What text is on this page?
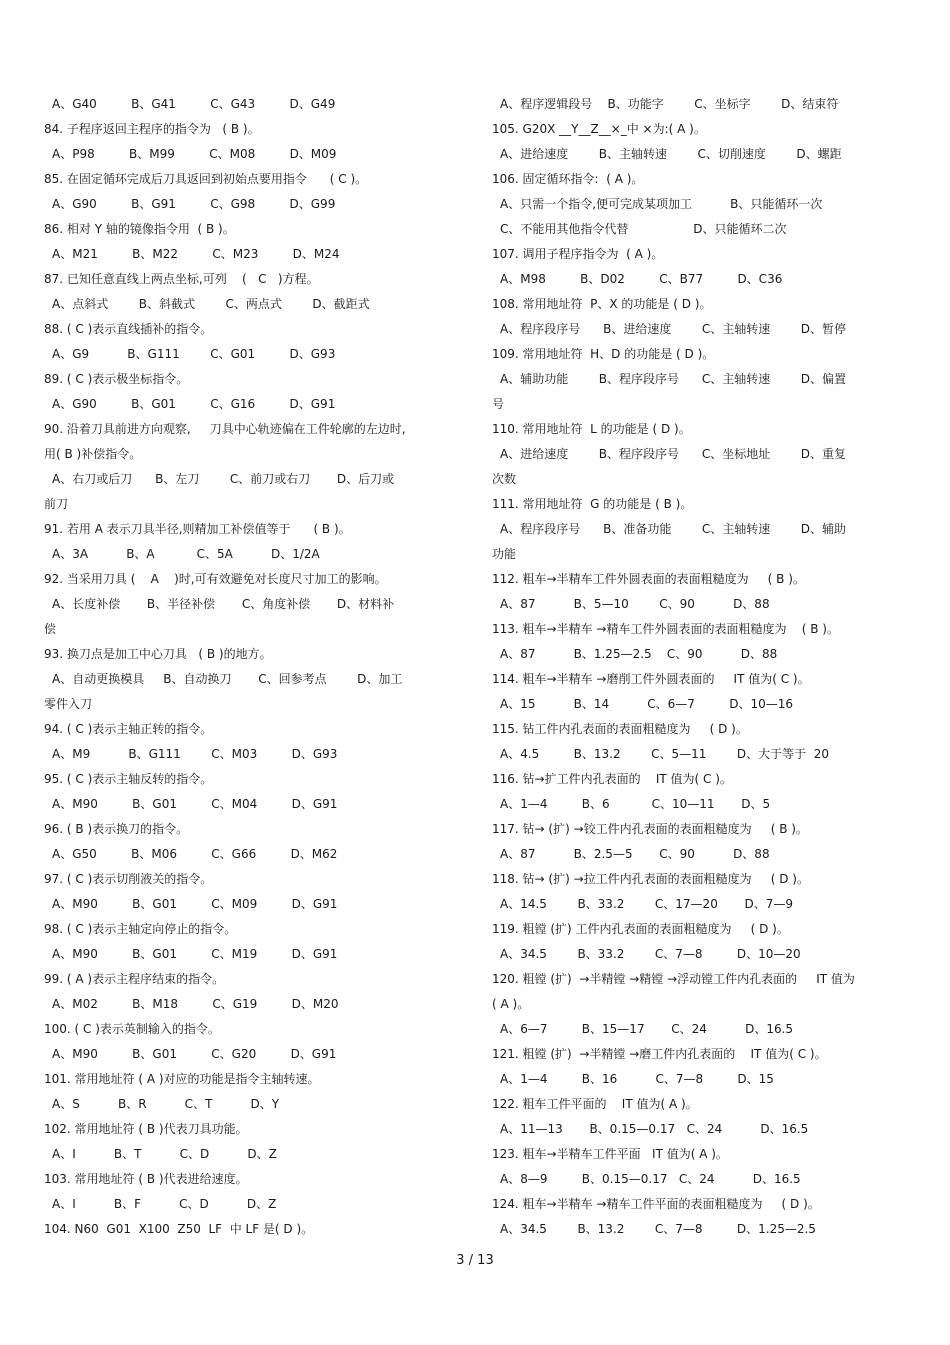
A、G40         B、G41         C、G43         D、G49
84. 子程序返回主程序的指令为   ( B )。
A、P98         B、M99         C、M08         D、M09
85. 在固定循环完成后刀具返回到初始点要用指令      ( C )。
A、G90         B、G91         C、G98         D、G99
86. 相对 Y 轴的镜像指令用  ( B )。
A、M21         B、M22         C、M23         D、M24
87. 已知任意直线上两点坐标,可列    (   C   )方程。
A、点斜式        B、斜截式        C、两点式        D、截距式
88. ( C )表示直线插补的指令。
A、G9          B、G111        C、G01         D、G93
89. ( C )表示极坐标指令。
A、G90         B、G01         C、G16         D、G91
90. 沿着刀具前进方向观察,     刀具中心轨迹偏在工件轮廓的左边时,
用( B )补偿指令。
A、右刀或后刀      B、左刀        C、前刀或右刀       D、后刀或
前刀
91. 若用 A 表示刀具半径,则精加工补偿值等于      ( B )。
A、3A          B、A           C、5A          D、1/2A
92. 当采用刀具 (    A    )时,可有效避免对长度尺寸加工的影响。
A、长度补偿       B、半径补偿       C、角度补偿       D、材料补
偿
93. 换刀点是加工中心刀具   ( B )的地方。
A、自动更换模具     B、自动换刀       C、回参考点        D、加工
零件入刀
94. ( C )表示主轴正转的指令。
A、M9          B、G111        C、M03         D、G93
95. ( C )表示主轴反转的指令。
A、M90         B、G01         C、M04         D、G91
96. ( B )表示换刀的指令。
A、G50         B、M06         C、G66         D、M62
97. ( C )表示切削液关的指令。
A、M90         B、G01         C、M09         D、G91
98. ( C )表示主轴定向停止的指令。
A、M90         B、G01         C、M19         D、G91
99. ( A )表示主程序结束的指令。
A、M02         B、M18         C、G19         D、M20
100. ( C )表示英制输入的指令。
A、M90         B、G01         C、G20         D、G91
101. 常用地址符 ( A )对应的功能是指令主轴转速。
A、S          B、R          C、T          D、Y
102. 常用地址符 ( B )代表刀具功能。
A、I          B、T          C、D          D、Z
103. 常用地址符 ( B )代表进给速度。
A、I          B、F          C、D          D、Z
104. N60  G01  X100  Z50  LF  中 LF 是( D )。
A、程序逻辑段号    B、功能字        C、坐标字        D、结束符
105. G20X __Y__Z__×_中 ×为:( A )。
A、进给速度        B、主轴转速        C、切削速度        D、螺距
106. 固定循环指令:  ( A )。
A、只需一个指令,便可完成某项加工          B、只能循环一次
C、不能用其他指令代替                 D、只能循环二次
107. 调用子程序指令为  ( A )。
A、M98         B、D02         C、B77         D、C36
108. 常用地址符  P、X 的功能是 ( D )。
A、程序段序号      B、进给速度        C、主轴转速        D、暂停
109. 常用地址符  H、D 的功能是 ( D )。
A、辅助功能        B、程序段序号      C、主轴转速        D、偏置
号
110. 常用地址符  L 的功能是 ( D )。
A、进给速度        B、程序段序号      C、坐标地址        D、重复
次数
111. 常用地址符  G 的功能是 ( B )。
A、程序段序号      B、准备功能        C、主轴转速        D、辅助
功能
112. 粗车→半精车工件外圆表面的表面粗糙度为     ( B )。
A、87          B、5—10        C、90          D、88
113. 粗车→半精车 →精车工件外圆表面的表面粗糙度为    ( B )。
A、87          B、1.25—2.5    C、90          D、88
114. 粗车→半精车 →磨削工件外圆表面的     IT 值为( C )。
A、15          B、14          C、6—7         D、10—16
115. 钻工件内孔表面的表面粗糙度为     ( D )。
A、4.5         B、13.2        C、5—11        D、大于等于  20
116. 钻→扩工件内孔表面的    IT 值为( C )。
A、1—4         B、6           C、10—11       D、5
117. 钻→ (扩) →铰工件内孔表面的表面粗糙度为     ( B )。
A、87          B、2.5—5       C、90          D、88
118. 钻→ (扩) →拉工件内孔表面的表面粗糙度为     ( D )。
A、14.5        B、33.2        C、17—20       D、7—9
119. 粗镗 (扩) 工件内孔表面的表面粗糙度为     ( D )。
A、34.5        B、33.2        C、7—8         D、10—20
120. 粗镗 (扩)  →半精镗 →精镗 →浮动镗工件内孔表面的     IT 值为
( A )。
A、6—7         B、15—17       C、24          D、16.5
121. 粗镗 (扩)  →半精镗 →磨工件内孔表面的    IT 值为( C )。
A、1—4         B、16          C、7—8         D、15
122. 粗车工件平面的    IT 值为( A )。
A、11—13       B、0.15—0.17   C、24          D、16.5
123. 粗车→半精车工件平面   IT 值为( A )。
A、8—9         B、0.15—0.17   C、24          D、16.5
124. 粗车→半精车 →精车工件平面的表面粗糙度为     ( D )。
A、34.5        B、13.2        C、7—8         D、1.25—2.5
3 / 13
